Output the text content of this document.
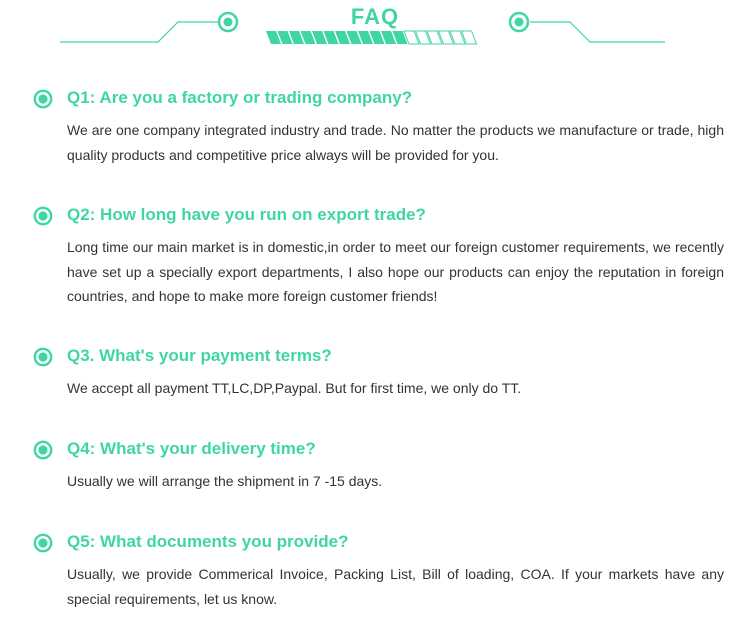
FAQ
Q1: Are you a factory or trading company?
We are one company integrated industry and trade. No matter the products we manufacture or trade, high quality products and competitive price always will be provided for you.
Q2: How long have you run on export trade?
Long time our main market is in domestic,in order to meet our foreign customer requirements, we recently have set up a specially export departments, I also hope our products can enjoy the reputation in foreign countries, and hope to make more foreign customer friends!
Q3. What's your payment terms?
We accept all payment TT,LC,DP,Paypal. But for first time, we only do TT.
Q4: What's your delivery time?
Usually we will arrange the shipment in 7 -15 days.
Q5: What documents you provide?
Usually, we provide Commerical Invoice, Packing List, Bill of loading, COA. If your markets have any special requirements, let us know.
